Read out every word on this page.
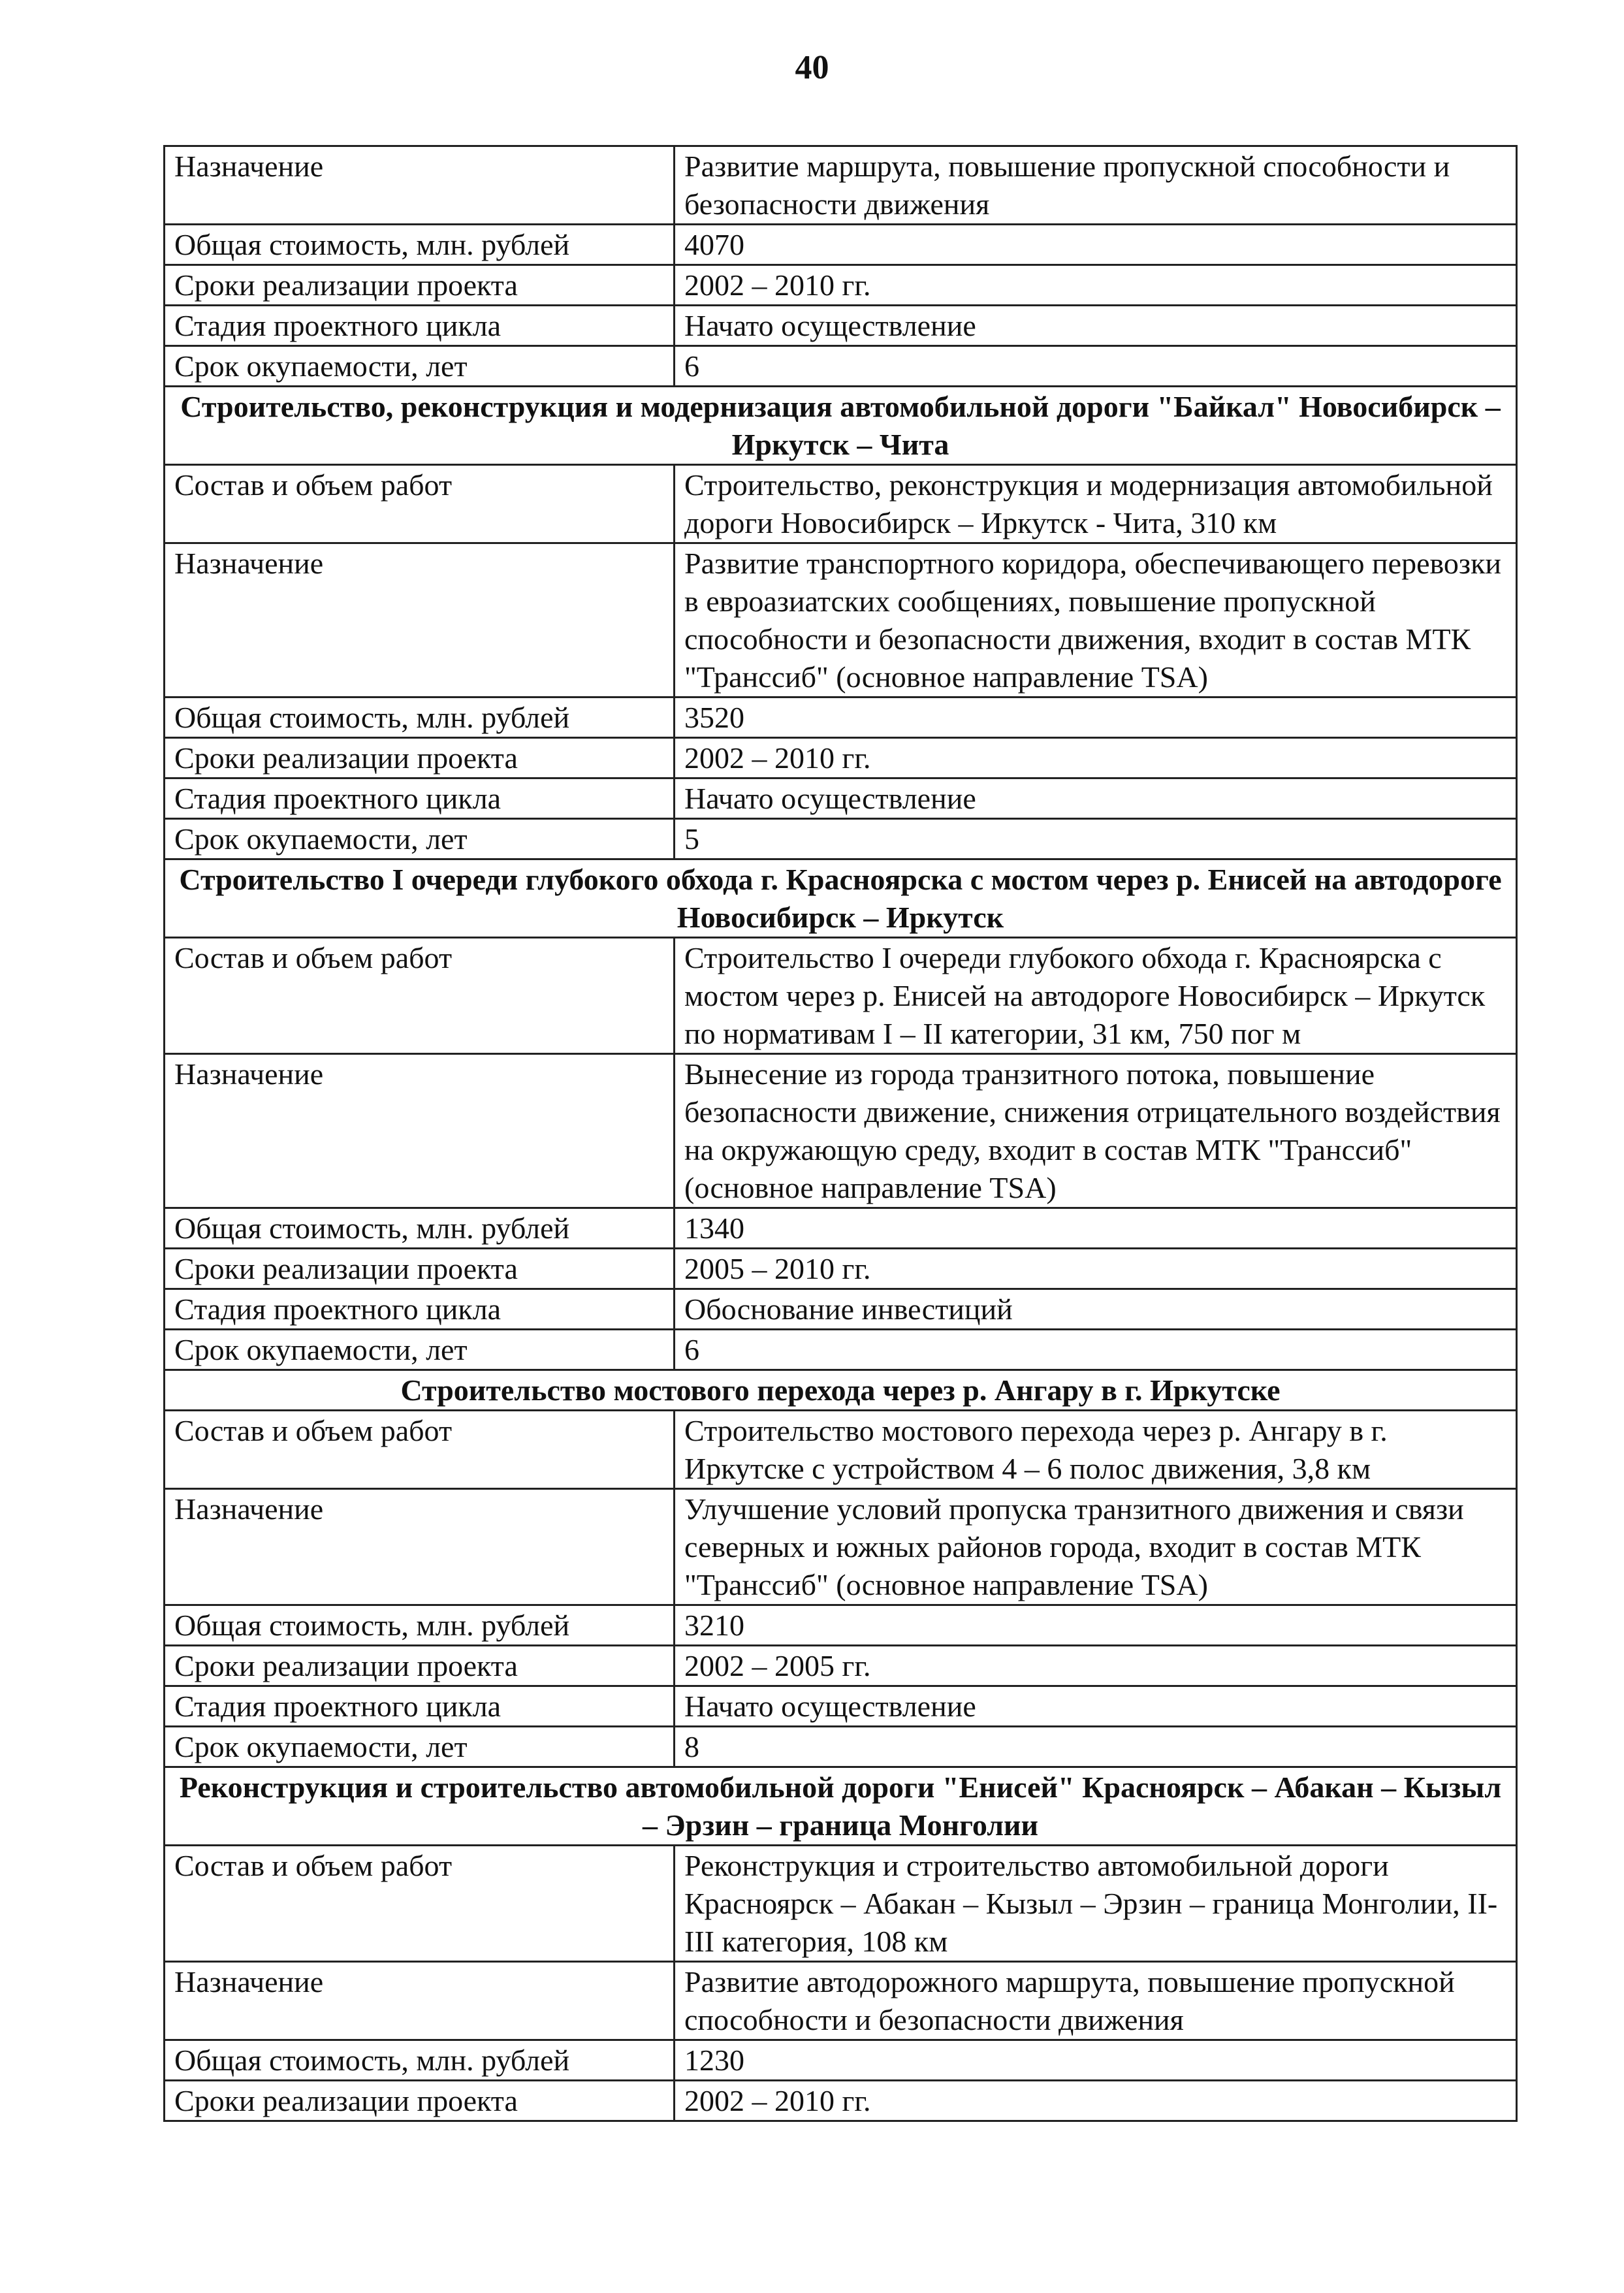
40
Назначение	Развитие маршрута, повышение пропускной способности и безопасности движения
Общая стоимость, млн. рублей	4070
Сроки реализации проекта	2002 – 2010 гг.
Стадия проектного цикла	Начато осуществление
Срок окупаемости, лет	6
Строительство, реконструкция и модернизация автомобильной дороги "Байкал" Новосибирск – Иркутск – Чита	
Состав и объем работ	Строительство, реконструкция и модернизация автомобильной дороги Новосибирск – Иркутск - Чита, 310 км
Назначение	Развитие транспортного коридора, обеспечивающего перевозки в евроазиатских сообщениях, повышение пропускной способности и безопасности движения, входит в состав МТК "Транссиб" (основное направление TSA)
Общая стоимость, млн. рублей	3520
Сроки реализации проекта	2002 – 2010 гг.
Стадия проектного цикла	Начато осуществление
Срок окупаемости, лет	5
Строительство I очереди глубокого обхода г. Красноярска с мостом через р. Енисей на автодороге Новосибирск – Иркутск	
Состав и объем работ	Строительство I очереди глубокого обхода г. Красноярска с мостом через р. Енисей на автодороге Новосибирск – Иркутск по нормативам I – II категории, 31 км, 750 пог м
Назначение	Вынесение из города транзитного потока, повышение безопасности движение, снижения отрицательного воздействия на окружающую среду, входит в состав МТК "Транссиб" (основное направление TSA)
Общая стоимость, млн. рублей	1340
Сроки реализации проекта	2005 – 2010 гг.
Стадия проектного цикла	Обоснование инвестиций
Срок окупаемости, лет	6
Строительство мостового перехода через р. Ангару в г. Иркутске	
Состав и объем работ	Строительство мостового перехода через р. Ангару в г. Иркутске с устройством 4 – 6 полос движения, 3,8 км
Назначение	Улучшение условий пропуска транзитного движения и связи северных и южных районов города, входит в состав МТК "Транссиб" (основное направление TSA)
Общая стоимость, млн. рублей	3210
Сроки реализации проекта	2002 – 2005 гг.
Стадия проектного цикла	Начато осуществление
Срок окупаемости, лет	8
Реконструкция и строительство автомобильной дороги "Енисей" Красноярск – Абакан – Кызыл – Эрзин – граница Монголии	
Состав и объем работ	Реконструкция и строительство автомобильной дороги Красноярск – Абакан – Кызыл – Эрзин – граница Монголии, II-III категория, 108 км
Назначение	Развитие автодорожного маршрута, повышение пропускной способности и безопасности движения
Общая стоимость, млн. рублей	1230
Сроки реализации проекта	2002 – 2010 гг.
